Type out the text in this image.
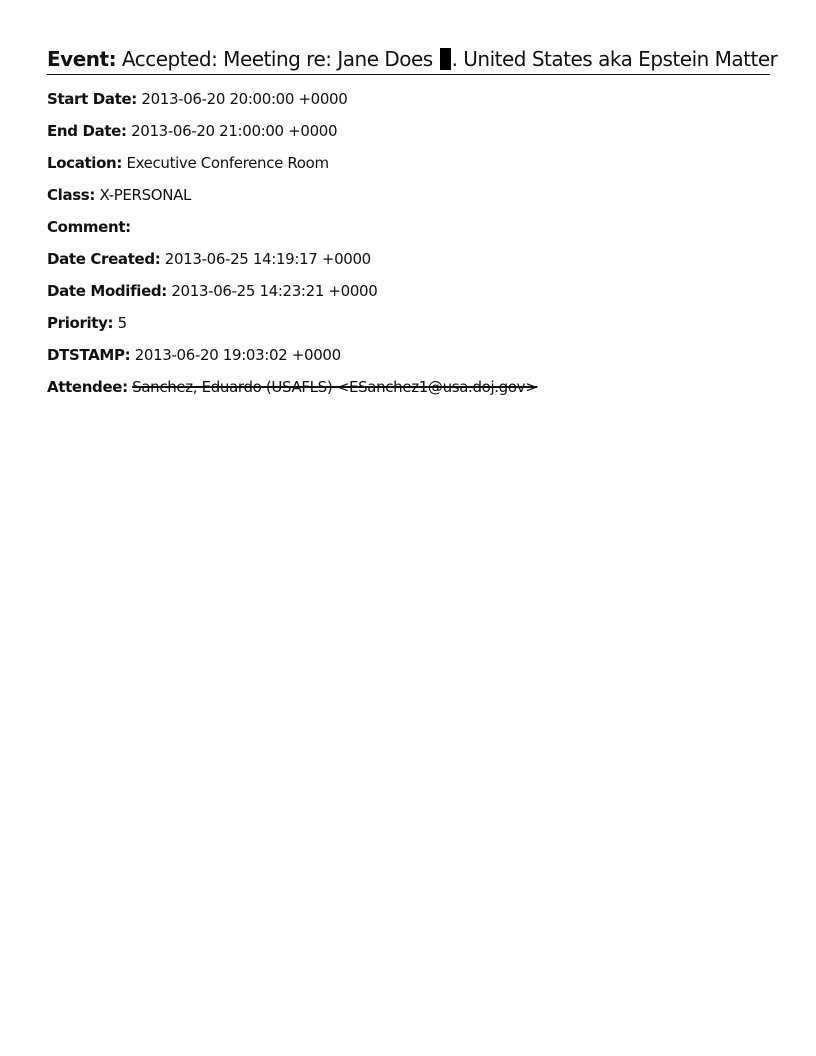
Event: Accepted: Meeting re: Jane Does . United States aka Epstein Matter
Start Date: 2013-06-20 20:00:00 +0000
End Date: 2013-06-20 21:00:00 +0000
Location: Executive Conference Room
Class: X-PERSONAL
Comment:
Date Created: 2013-06-25 14:19:17 +0000
Date Modified: 2013-06-25 14:23:21 +0000
Priority: 5
DTSTAMP: 2013-06-20 19:03:02 +0000
Attendee: Sanchez, Eduardo (USAFLS) <ESanchez1@usa.doj.gov>
